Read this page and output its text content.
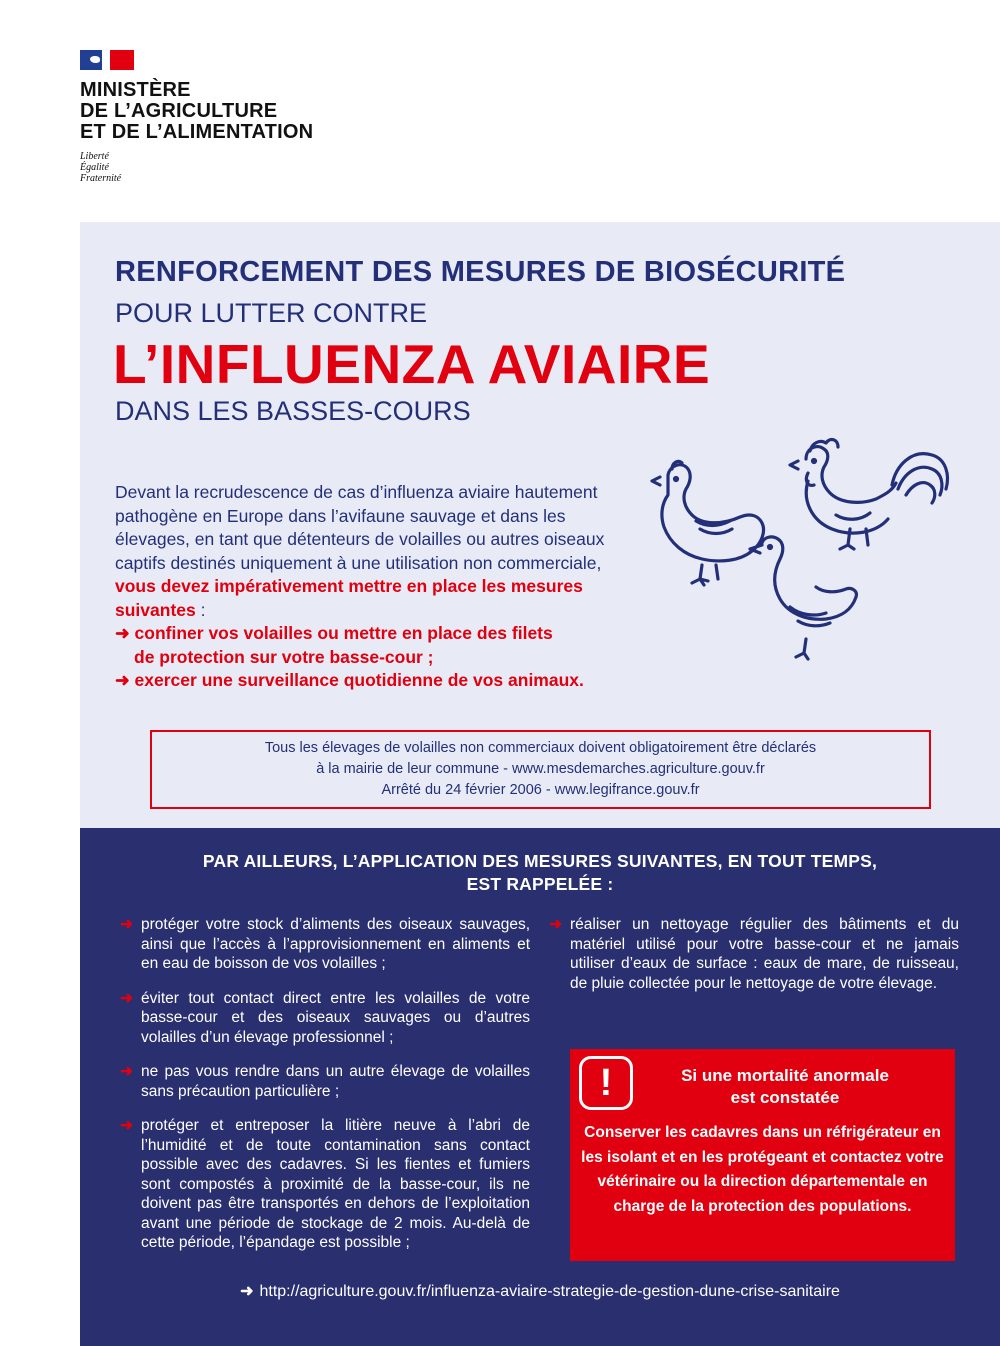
MINISTÈRE
DE L’AGRICULTURE
ET DE L’ALIMENTATION
Liberté
Égalité
Fraternité
RENFORCEMENT DES MESURES DE BIOSÉCURITÉ
POUR LUTTER CONTRE
L’INFLUENZA AVIAIRE
DANS LES BASSES-COURS
Devant la recrudescence de cas d’influenza aviaire hautement pathogène en Europe dans l’avifaune sauvage et dans les élevages, en tant que détenteurs de volailles ou autres oiseaux captifs destinés uniquement à une utilisation non commerciale, vous devez impérativement mettre en place les mesures suivantes :
➜ confiner vos volailles ou mettre en place des filets
de protection sur votre basse-cour ;
➜ exercer une surveillance quotidienne de vos animaux.
Tous les élevages de volailles non commerciaux doivent obligatoirement être déclarés
à la mairie de leur commune - www.mesdemarches.agriculture.gouv.fr
Arrêté du 24 février 2006 - www.legifrance.gouv.fr
PAR AILLEURS, L’APPLICATION DES MESURES SUIVANTES, EN TOUT TEMPS,
EST RAPPELÉE :
➜ protéger votre stock d’aliments des oiseaux sauvages, ainsi que l’accès à l’approvisionnement en aliments et en eau de boisson de vos volailles ;
➜ éviter tout contact direct entre les volailles de votre basse-cour et des oiseaux sauvages ou d’autres volailles d’un élevage professionnel ;
➜ ne pas vous rendre dans un autre élevage de volailles sans précaution particulière ;
➜ protéger et entreposer la litière neuve à l’abri de l’humidité et de toute contamination sans contact possible avec des cadavres. Si les fientes et fumiers sont compostés à proximité de la basse-cour, ils ne doivent pas être transportés en dehors de l’exploitation avant une période de stockage de 2 mois. Au-delà de cette période, l’épandage est possible ;
➜ réaliser un nettoyage régulier des bâtiments et du matériel utilisé pour votre basse-cour et ne jamais utiliser d’eaux de surface : eaux de mare, de ruisseau, de pluie collectée pour le nettoyage de votre élevage.
!	Si une mortalité anormale
est constatée
Conserver les cadavres dans un réfrigérateur en les isolant et en les protégeant et contactez votre vétérinaire ou la direction départementale en charge de la protection des populations.
➜ http://agriculture.gouv.fr/influenza-aviaire-strategie-de-gestion-dune-crise-sanitaire
